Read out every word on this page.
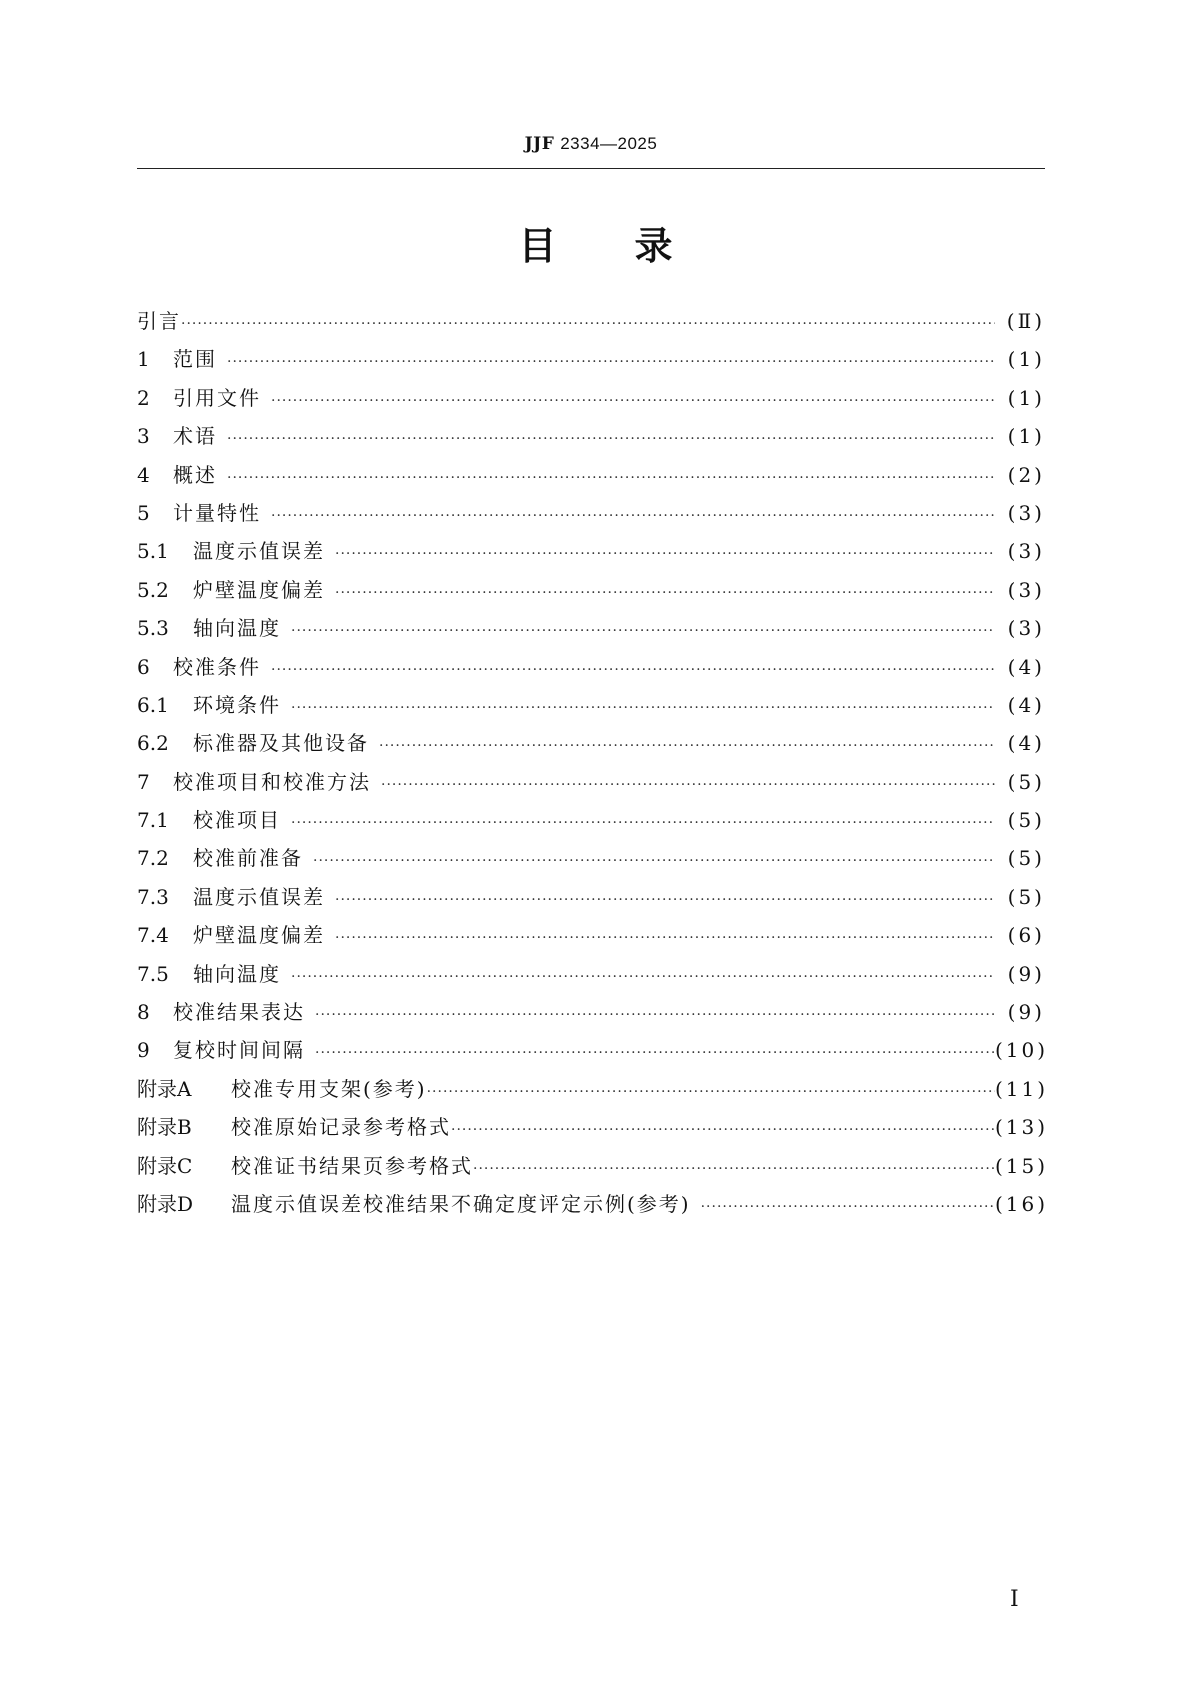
JJF 2334—2025
目录
引言 ·····	(Ⅱ)
1	范围 ·····	(1)
2	引用文件 ·····	(1)
3	术语 ·····	(1)
4	概述 ·····	(2)
5	计量特性 ·····	(3)
5.1	温度示值误差 ·····	(3)
5.2	炉壁温度偏差 ·····	(3)
5.3	轴向温度 ·····	(3)
6	校准条件 ·····	(4)
6.1	环境条件 ·····	(4)
6.2	标准器及其他设备 ·····	(4)
7	校准项目和校准方法 ·····	(5)
7.1	校准项目 ·····	(5)
7.2	校准前准备 ·····	(5)
7.3	温度示值误差 ·····	(5)
7.4	炉壁温度偏差 ·····	(6)
7.5	轴向温度 ·····	(9)
8	校准结果表达 ·····	(9)
9	复校时间间隔 ·····	(10)
附录A	校准专用支架(参考) ·····	(11)
附录B	校准原始记录参考格式 ·····	(13)
附录C	校准证书结果页参考格式 ·····	(15)
附录D	温度示值误差校准结果不确定度评定示例(参考) ·····	(16)
I
